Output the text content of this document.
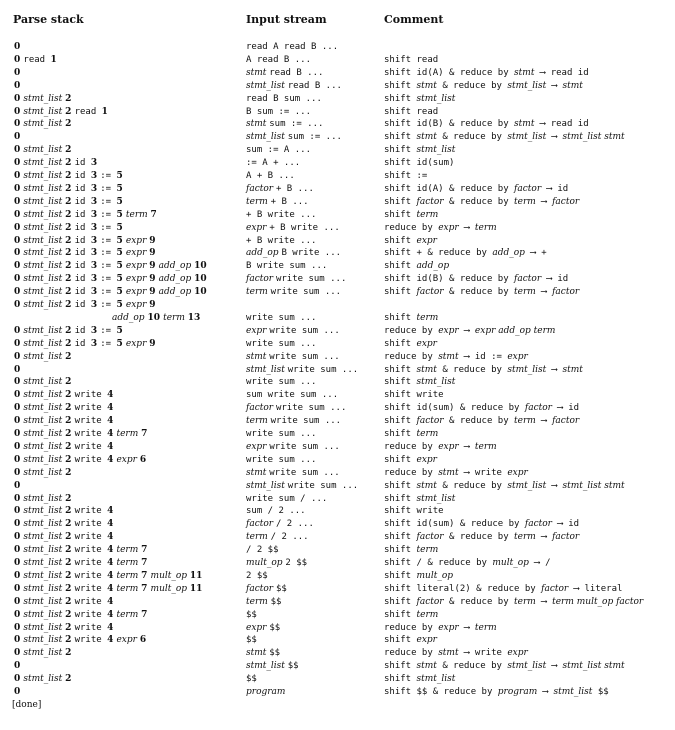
Parse stack	Input stream	Comment
0	read A read B ...
0 read 1	A read B ...	shift read
0	stmt read B ...	shift id(A) & reduce by stmt ⟶ read id
0	stmt_list read B ...	shift stmt & reduce by stmt_list ⟶ stmt
0 stmt_list 2	read B sum ...	shift stmt_list
0 stmt_list 2 read 1	B sum := ...	shift read
0 stmt_list 2	stmt sum := ...	shift id(B) & reduce by stmt ⟶ read id
0	stmt_list sum := ...	shift stmt & reduce by stmt_list ⟶ stmt_list stmt
0 stmt_list 2	sum := A ...	shift stmt_list
0 stmt_list 2 id 3	:= A + ...	shift id(sum)
0 stmt_list 2 id 3 := 5	A + B ...	shift :=
0 stmt_list 2 id 3 := 5	factor + B ...	shift id(A) & reduce by factor ⟶ id
0 stmt_list 2 id 3 := 5	term + B ...	shift factor & reduce by term ⟶ factor
0 stmt_list 2 id 3 := 5 term 7	+ B write ...	shift term
0 stmt_list 2 id 3 := 5	expr + B write ...	reduce by expr ⟶ term
0 stmt_list 2 id 3 := 5 expr 9	+ B write ...	shift expr
0 stmt_list 2 id 3 := 5 expr 9	add_op B write ...	shift + & reduce by add_op ⟶ +
0 stmt_list 2 id 3 := 5 expr 9 add_op 10	B write sum ...	shift add_op
0 stmt_list 2 id 3 := 5 expr 9 add_op 10	factor write sum ...	shift id(B) & reduce by factor ⟶ id
0 stmt_list 2 id 3 := 5 expr 9 add_op 10	term write sum ...	shift factor & reduce by term ⟶ factor
0 stmt_list 2 id 3 := 5 expr 9
add_op 10 term 13	write sum ...	shift term
0 stmt_list 2 id 3 := 5	expr write sum ...	reduce by expr ⟶ expr add_op term
0 stmt_list 2 id 3 := 5 expr 9	write sum ...	shift expr
0 stmt_list 2	stmt write sum ...	reduce by stmt ⟶ id := expr
0	stmt_list write sum ...	shift stmt & reduce by stmt_list ⟶ stmt
0 stmt_list 2	write sum ...	shift stmt_list
0 stmt_list 2 write 4	sum write sum ...	shift write
0 stmt_list 2 write 4	factor write sum ...	shift id(sum) & reduce by factor ⟶ id
0 stmt_list 2 write 4	term write sum ...	shift factor & reduce by term ⟶ factor
0 stmt_list 2 write 4 term 7	write sum ...	shift term
0 stmt_list 2 write 4	expr write sum ...	reduce by expr ⟶ term
0 stmt_list 2 write 4 expr 6	write sum ...	shift expr
0 stmt_list 2	stmt write sum ...	reduce by stmt ⟶ write expr
0	stmt_list write sum ...	shift stmt & reduce by stmt_list ⟶ stmt_list stmt
0 stmt_list 2	write sum / ...	shift stmt_list
0 stmt_list 2 write 4	sum / 2 ...	shift write
0 stmt_list 2 write 4	factor / 2 ...	shift id(sum) & reduce by factor ⟶ id
0 stmt_list 2 write 4	term / 2 ...	shift factor & reduce by term ⟶ factor
0 stmt_list 2 write 4 term 7	/ 2 $$	shift term
0 stmt_list 2 write 4 term 7	mult_op 2 $$	shift / & reduce by mult_op ⟶ /
0 stmt_list 2 write 4 term 7 mult_op 11	2 $$	shift mult_op
0 stmt_list 2 write 4 term 7 mult_op 11	factor $$	shift literal(2) & reduce by factor ⟶ literal
0 stmt_list 2 write 4	term $$	shift factor & reduce by term ⟶ term mult_op factor
0 stmt_list 2 write 4 term 7	$$	shift term
0 stmt_list 2 write 4	expr $$	reduce by expr ⟶ term
0 stmt_list 2 write 4 expr 6	$$	shift expr
0 stmt_list 2	stmt $$	reduce by stmt ⟶ write expr
0	stmt_list $$	shift stmt & reduce by stmt_list ⟶ stmt_list stmt
0 stmt_list 2	$$	shift stmt_list
0	program	shift $$ & reduce by program ⟶ stmt_list $$
[done]
